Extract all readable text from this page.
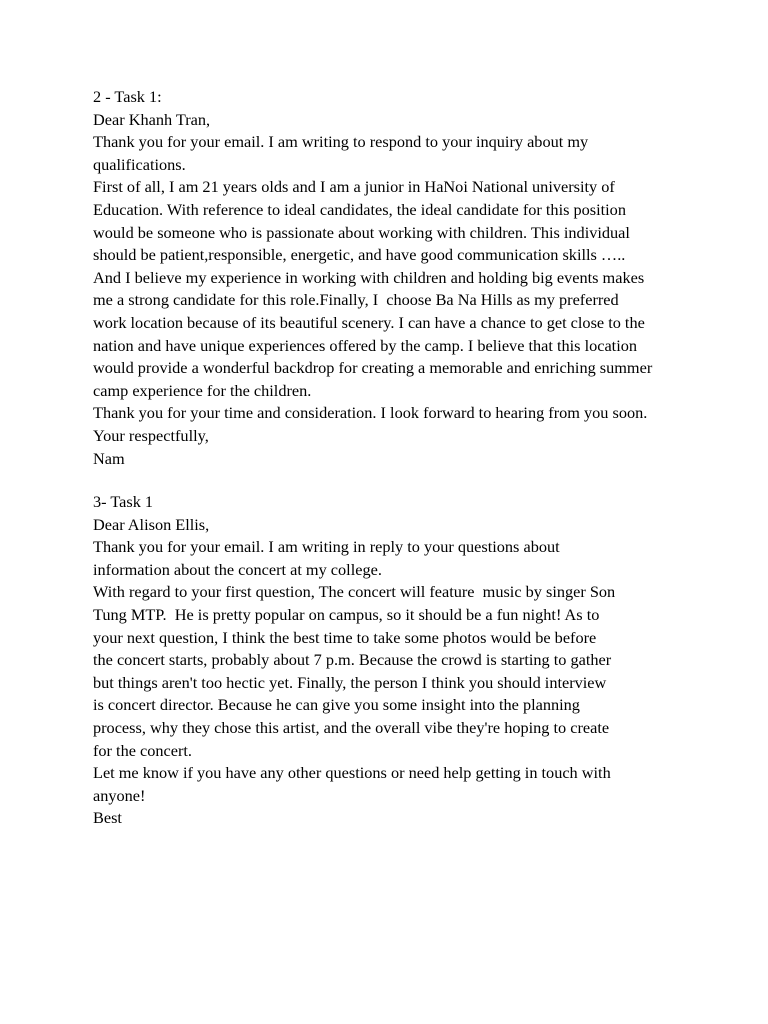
2 - Task 1:
Dear Khanh Tran,
Thank you for your email. I am writing to respond to your inquiry about my
qualifications.
First of all, I am 21 years olds and I am a junior in HaNoi National university of
Education. With reference to ideal candidates, the ideal candidate for this position
would be someone who is passionate about working with children. This individual
should be patient,responsible, energetic, and have good communication skills …..
And I believe my experience in working with children and holding big events makes
me a strong candidate for this role.Finally, I  choose Ba Na Hills as my preferred
work location because of its beautiful scenery. I can have a chance to get close to the
nation and have unique experiences offered by the camp. I believe that this location
would provide a wonderful backdrop for creating a memorable and enriching summer
camp experience for the children.
Thank you for your time and consideration. I look forward to hearing from you soon.
Your respectfully,
Nam
3- Task 1
Dear Alison Ellis,
Thank you for your email. I am writing in reply to your questions about
information about the concert at my college.
With regard to your first question, The concert will feature  music by singer Son
Tung MTP.  He is pretty popular on campus, so it should be a fun night! As to
your next question, I think the best time to take some photos would be before
the concert starts, probably about 7 p.m. Because the crowd is starting to gather
but things aren't too hectic yet. Finally, the person I think you should interview
is concert director. Because he can give you some insight into the planning
process, why they chose this artist, and the overall vibe they're hoping to create
for the concert.
Let me know if you have any other questions or need help getting in touch with
anyone!
Best
